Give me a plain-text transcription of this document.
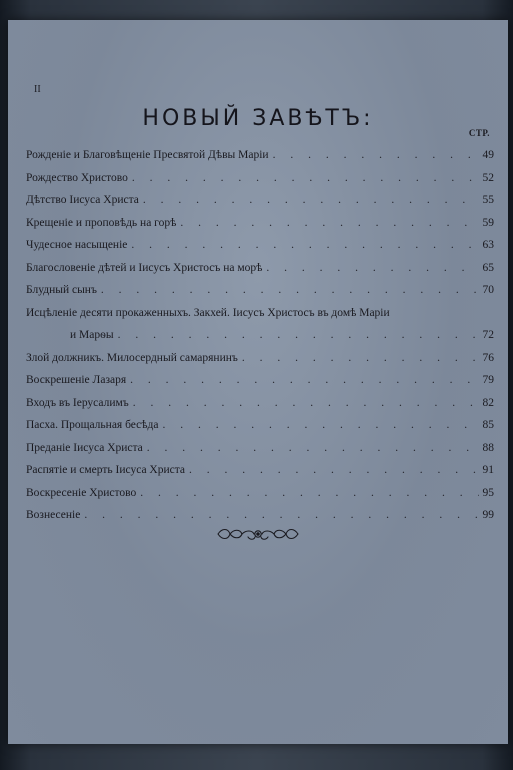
II
НОВЫЙ ЗАВѢТЪ:
СТР.
Рожденіе и Благовѣщеніе Пресвятой Дѣвы Маріи . . .	49
Рождество Христово . . .	52
Дѣтство Іисуса Христа . . .	55
Крещеніе и проповѣдь на горѣ . . .	59
Чудесное насыщеніе . . .	63
Благословеніе дѣтей и Іисусъ Христосъ на морѣ . . .	65
Блудный сынъ . . .	70
Исцѣленіе десяти прокаженныхъ. Закхей. Іисусъ Христосъ въ домѣ Маріи
и Марѳы . . .	72
Злой должникъ. Милосердный самарянинъ . . .	76
Воскрешеніе Лазаря . . .	79
Входъ въ Іерусалимъ . . .	82
Пасха. Прощальная бесѣда . . .	85
Преданіе Іисуса Христа . . .	88
Распятіе и смерть Іисуса Христа . . .	91
Воскресеніе Христово . . .	95
Вознесеніе . . .	99
